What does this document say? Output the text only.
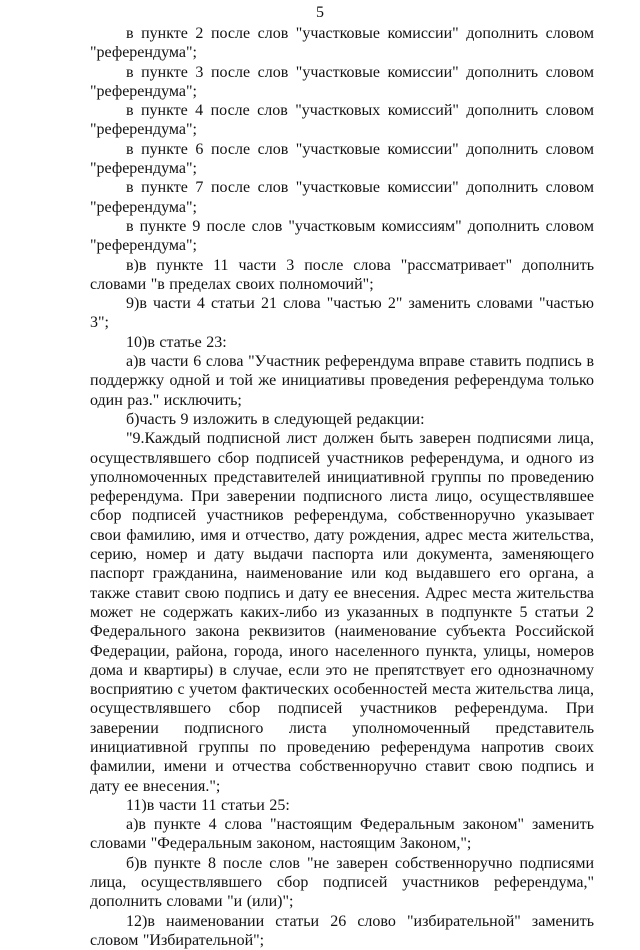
5

в пункте 2 после слов "участковые комиссии" дополнить словом "референдума";

в пункте 3 после слов "участковые комиссии" дополнить словом "референдума";

в пункте 4 после слов "участковых комиссий" дополнить словом "референдума";

в пункте 6 после слов "участковые комиссии" дополнить словом "референдума";

в пункте 7 после слов "участковые комиссии" дополнить словом "референдума";

в пункте 9 после слов "участковым комиссиям" дополнить словом "референдума";

в)в пункте 11 части 3 после слова "рассматривает" дополнить словами "в пределах своих полномочий";

9)в части 4 статьи 21 слова "частью 2" заменить словами "частью 3";

10)в статье 23:

а)в части 6 слова "Участник референдума вправе ставить подпись в поддержку одной и той же инициативы проведения референдума только один раз." исключить;

б)часть 9 изложить в следующей редакции:

"9.Каждый подписной лист должен быть заверен подписями лица, осуществлявшего сбор подписей участников референдума, и одного из уполномоченных представителей инициативной группы по проведению референдума. При заверении подписного листа лицо, осуществлявшее сбор подписей участников референдума, собственноручно указывает свои фамилию, имя и отчество, дату рождения, адрес места жительства, серию, номер и дату выдачи паспорта или документа, заменяющего паспорт гражданина, наименование или код выдавшего его органа, а также ставит свою подпись и дату ее внесения. Адрес места жительства может не содержать каких-либо из указанных в подпункте 5 статьи 2 Федерального закона реквизитов (наименование субъекта Российской Федерации, района, города, иного населенного пункта, улицы, номеров дома и квартиры) в случае, если это не препятствует его однозначному восприятию с учетом фактических особенностей места жительства лица, осуществлявшего сбор подписей участников референдума. При заверении подписного листа уполномоченный представитель инициативной группы по проведению референдума напротив своих фамилии, имени и отчества собственноручно ставит свою подпись и дату ее внесения.";

11)в части 11 статьи 25:

а)в пункте 4 слова "настоящим Федеральным законом" заменить словами "Федеральным законом, настоящим Законом,";

б)в пункте 8 после слов "не заверен собственноручно подписями лица, осуществлявшего сбор подписей участников референдума," дополнить словами "и (или)";

12)в наименовании статьи 26 слово "избирательной" заменить словом "Избирательной";
